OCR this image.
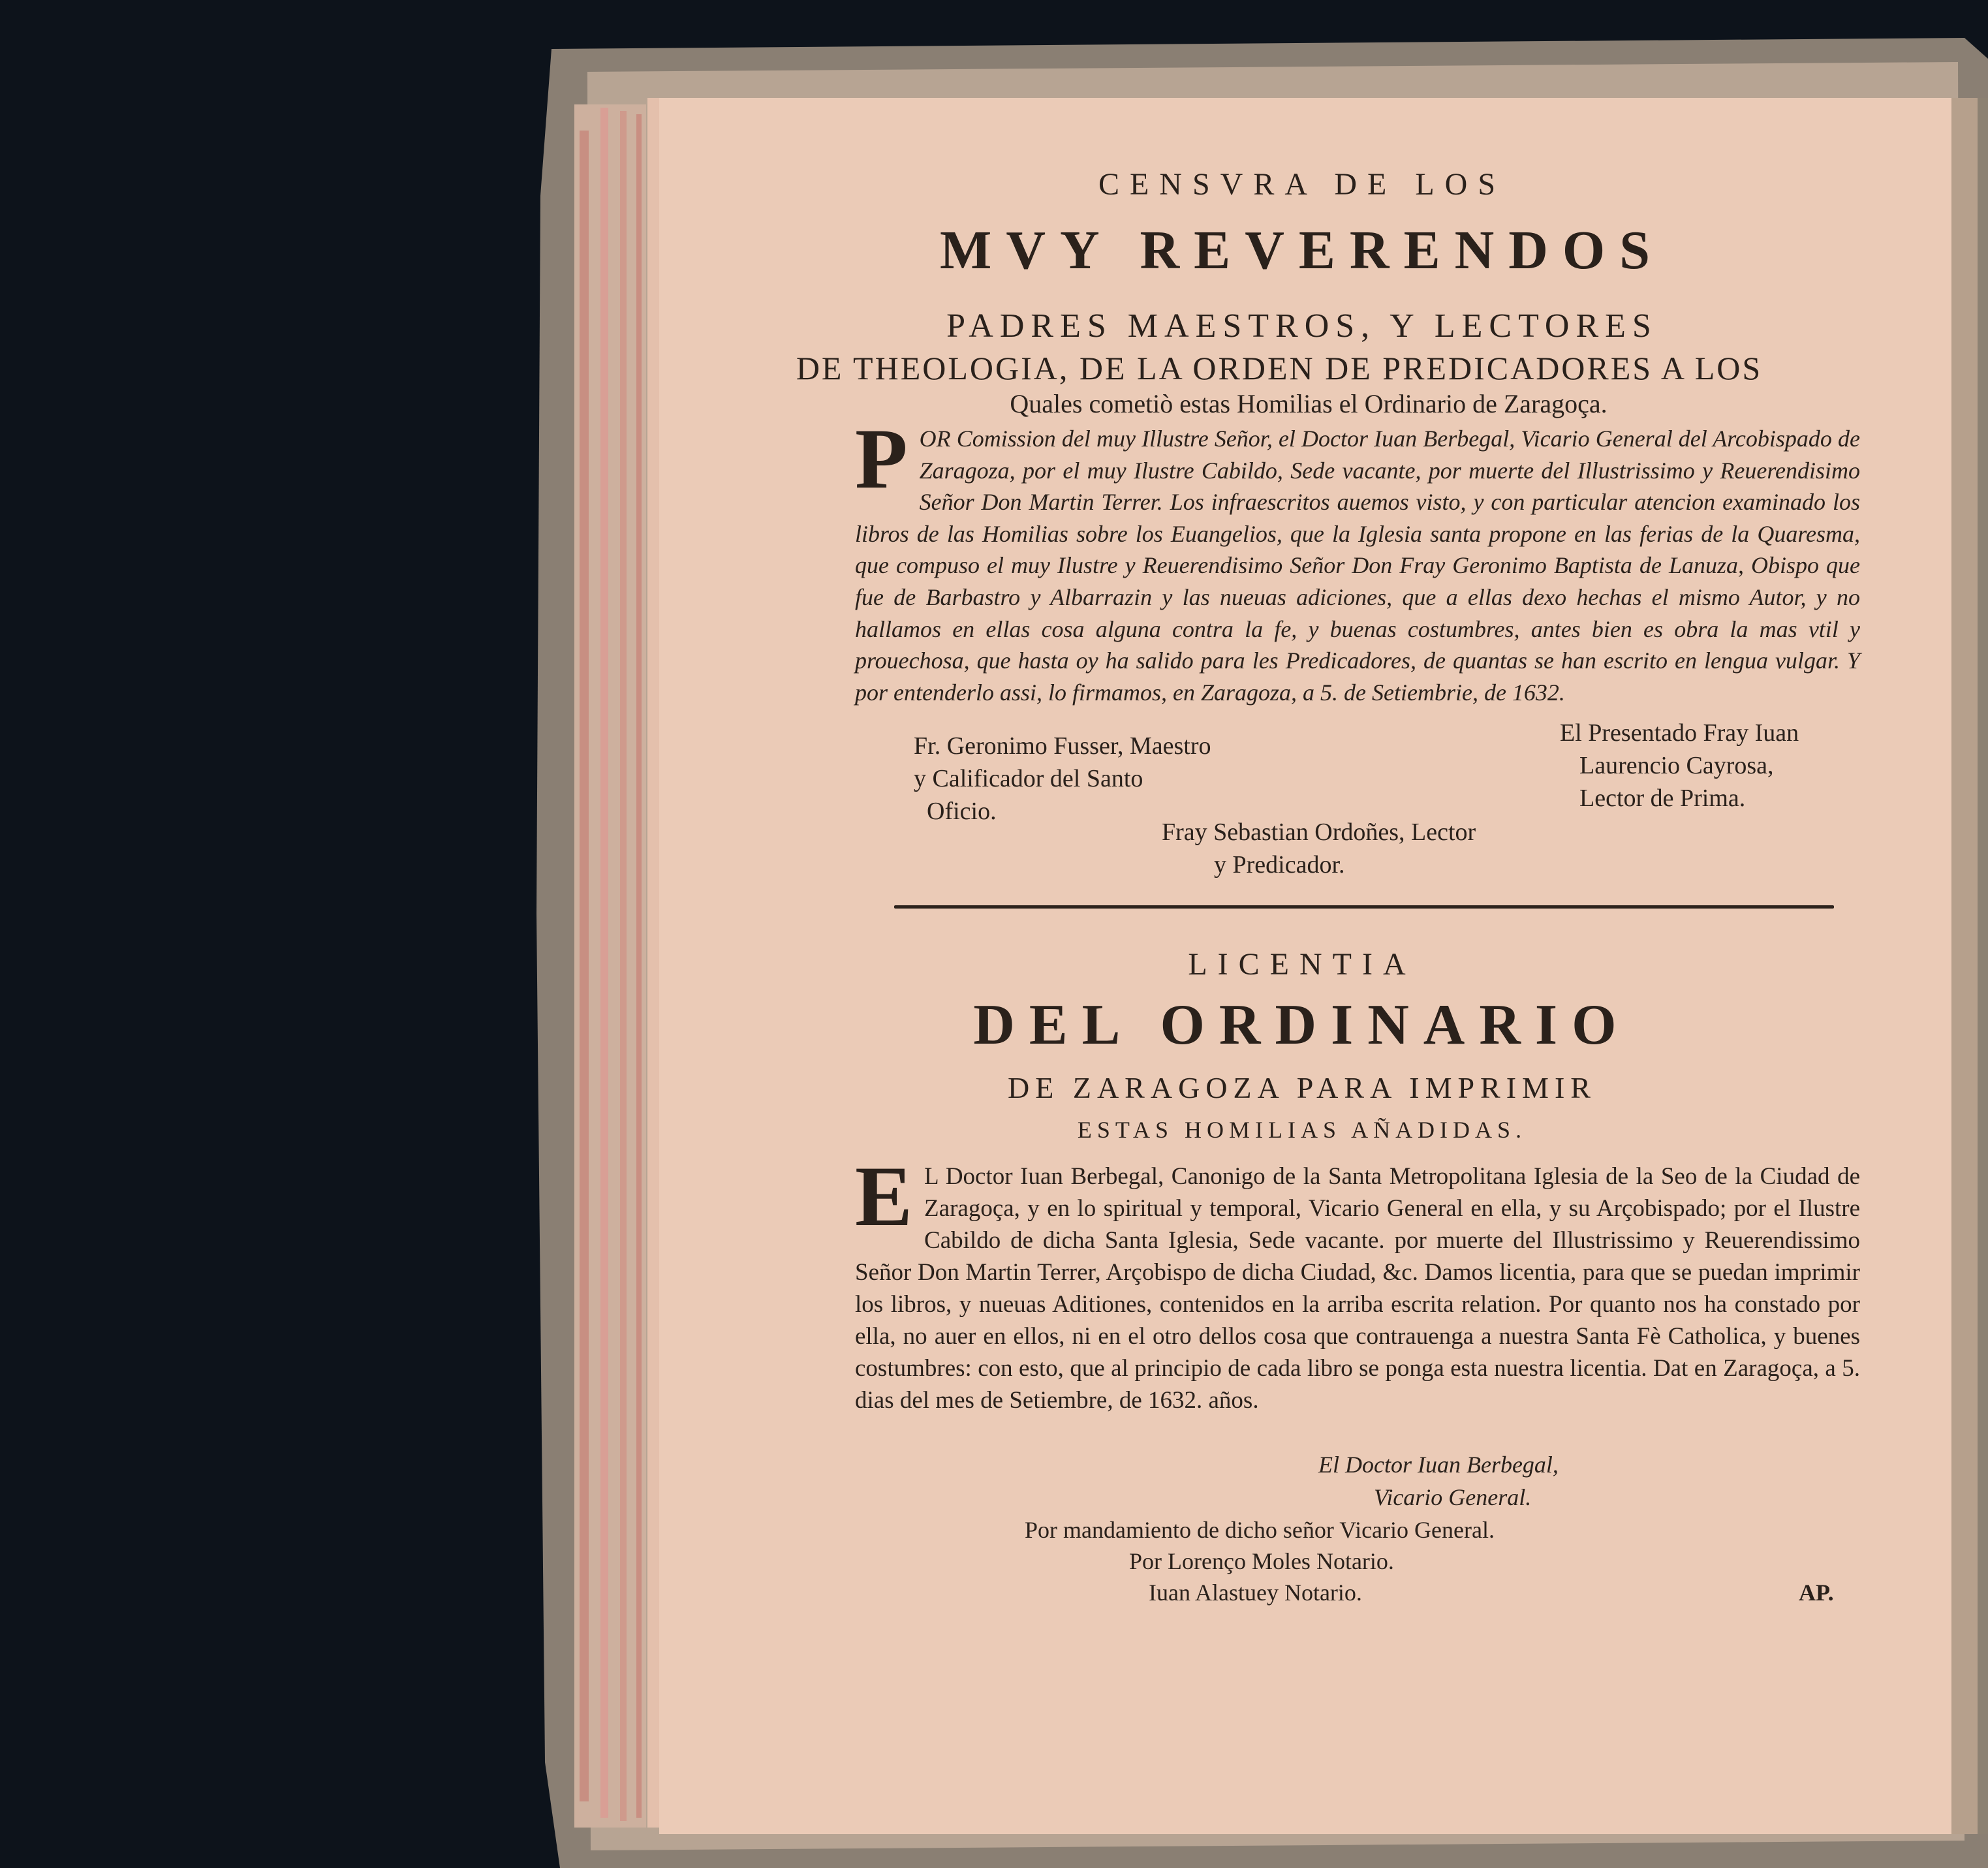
CENSVRA DE LOS
MVY REVERENDOS
PADRES MAESTROS, Y LECTORES
DE THEOLOGIA, DE LA ORDEN DE PREDICADORES A LOS
Quales cometiò estas Homilias el Ordinario de Zaragoça.
P OR Comission del muy Illustre Señor, el Doctor Iuan Berbegal, Vicario General del Arcobispado de Zaragoza, por el muy Ilustre Cabildo, Sede vacante, por muerte del Illustrissimo y Reuerendisimo Señor Don Martin Terrer. Los infraescritos auemos visto, y con particular atencion examinado los libros de las Homilias sobre los Euangelios, que la Iglesia santa propone en las ferias de la Quaresma, que compuso el muy Ilustre y Reuerendisimo Señor Don Fray Geronimo Baptista de Lanuza, Obispo que fue de Barbastro y Albarrazin y las nueuas adiciones, que a ellas dexo hechas el mismo Autor, y no hallamos en ellas cosa alguna contra la fe, y buenas costumbres, antes bien es obra la mas vtil y prouechosa, que hasta oy ha salido para les Predicadores, de quantas se han escrito en lengua vulgar. Y por entenderlo assi, lo firmamos, en Zaragoza, a 5. de Setiembrie, de 1632.
Fr. Geronimo Fusser, Maestro
y Calificador del Santo
Oficio.
El Presentado Fray Iuan
Laurencio Cayrosa,
Lector de Prima.
Fray Sebastian Ordoñes, Lector
y Predicador.
LICENTIA
DEL ORDINARIO
DE ZARAGOZA PARA IMPRIMIR
ESTAS HOMILIAS AÑADIDAS.
E L Doctor Iuan Berbegal, Canonigo de la Santa Metropolitana Iglesia de la Seo de la Ciudad de Zaragoça, y en lo spiritual y temporal, Vicario General en ella, y su Arçobispado; por el Ilustre Cabildo de dicha Santa Iglesia, Sede vacante. por muerte del Illustrissimo y Reuerendissimo Señor Don Martin Terrer, Arçobispo de dicha Ciudad, &c. Damos licentia, para que se puedan imprimir los libros, y nueuas Aditiones, contenidos en la arriba escrita relation. Por quanto nos ha constado por ella, no auer en ellos, ni en el otro dellos cosa que contrauenga a nuestra Santa Fè Catholica, y buenes costumbres: con esto, que al principio de cada libro se ponga esta nuestra licentia. Dat en Zaragoça, a 5. dias del mes de Setiembre, de 1632. años.
El Doctor Iuan Berbegal,
Vicario General.
Por mandamiento de dicho señor Vicario General.
Por Lorenço Moles Notario.
Iuan Alastuey Notario.	AP.
